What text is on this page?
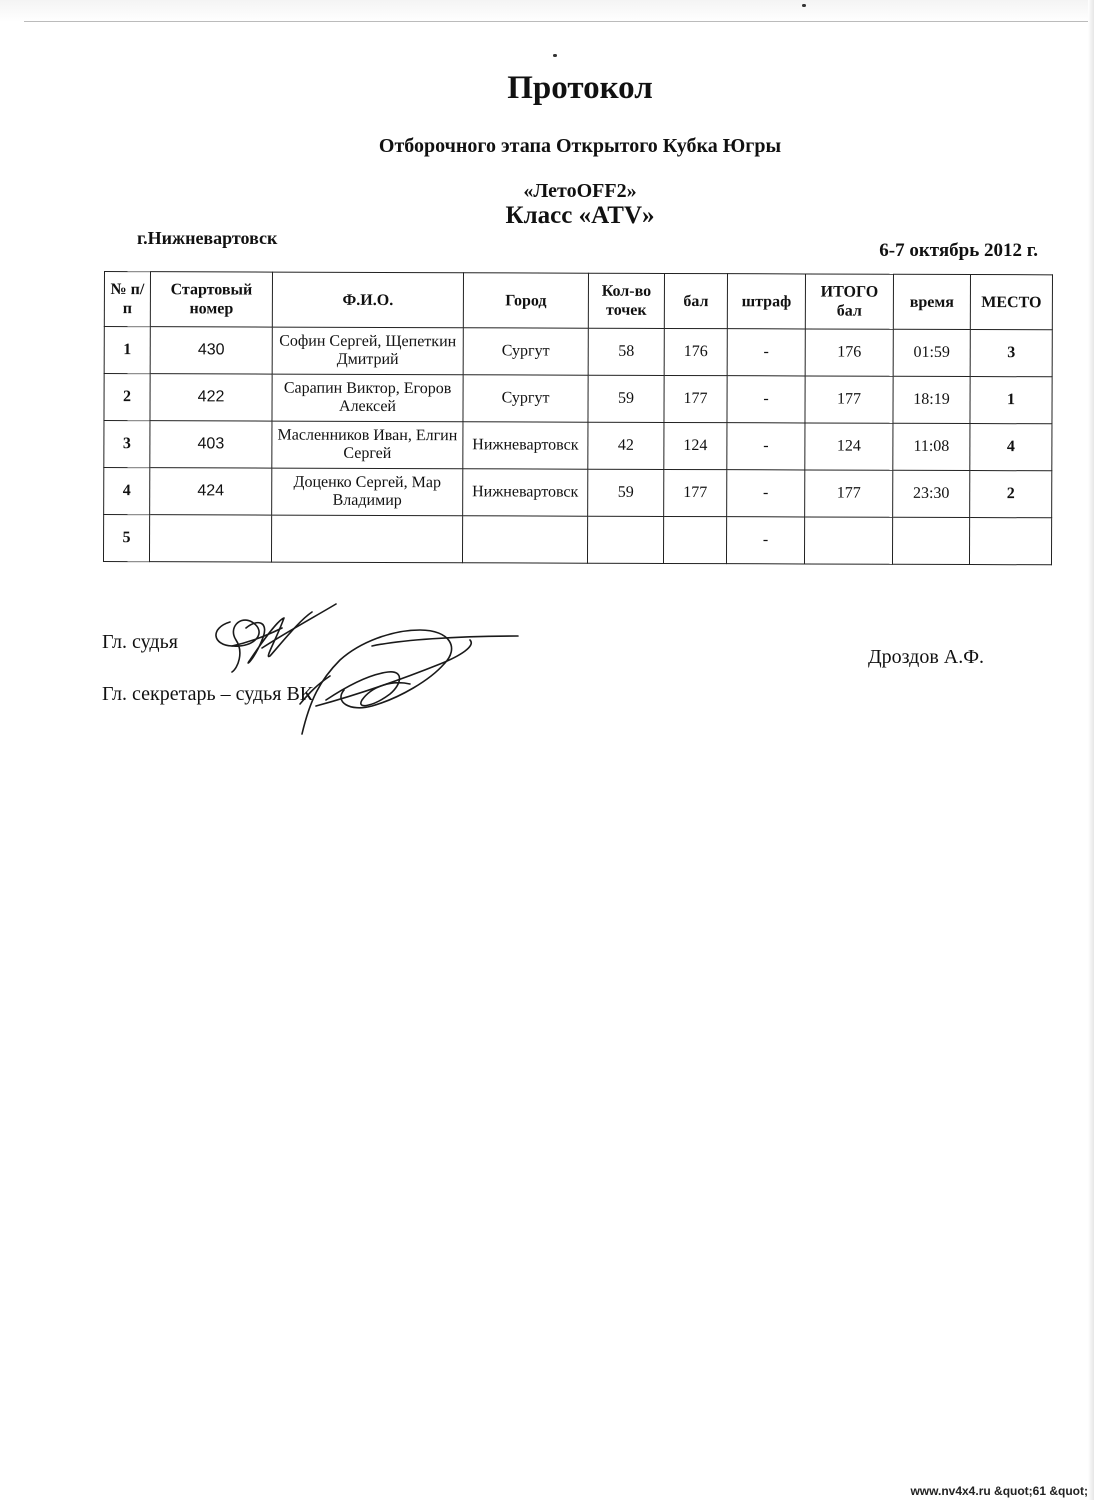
Протокол
Отборочного этапа Открытого Кубка Югры
«ЛетоOFF2»
Класс «ATV»
г.Нижневартовск
6-7 октябрь 2012 г.
№ п/п	Стартовый номер	Ф.И.О.	Город	Кол-во точек	бал	штраф	ИТОГО бал	время	МЕСТО
1	430	Софин Сергей, Щепеткин Дмитрий	Сургут	58	176	-	176	01:59	3
2	422	Сарапин Виктор, Егоров Алексей	Сургут	59	177	-	177	18:19	1
3	403	Масленников Иван, Елгин Сергей	Нижневартовск	42	124	-	124	11:08	4
4	424	Доценко Сергей, Мар Владимир	Нижневартовск	59	177	-	177	23:30	2
5						-			
Гл. судья
Гл. секретарь – судья ВК
Дроздов А.Ф.
www.nv4x4.ru &quot;61 &quot;
